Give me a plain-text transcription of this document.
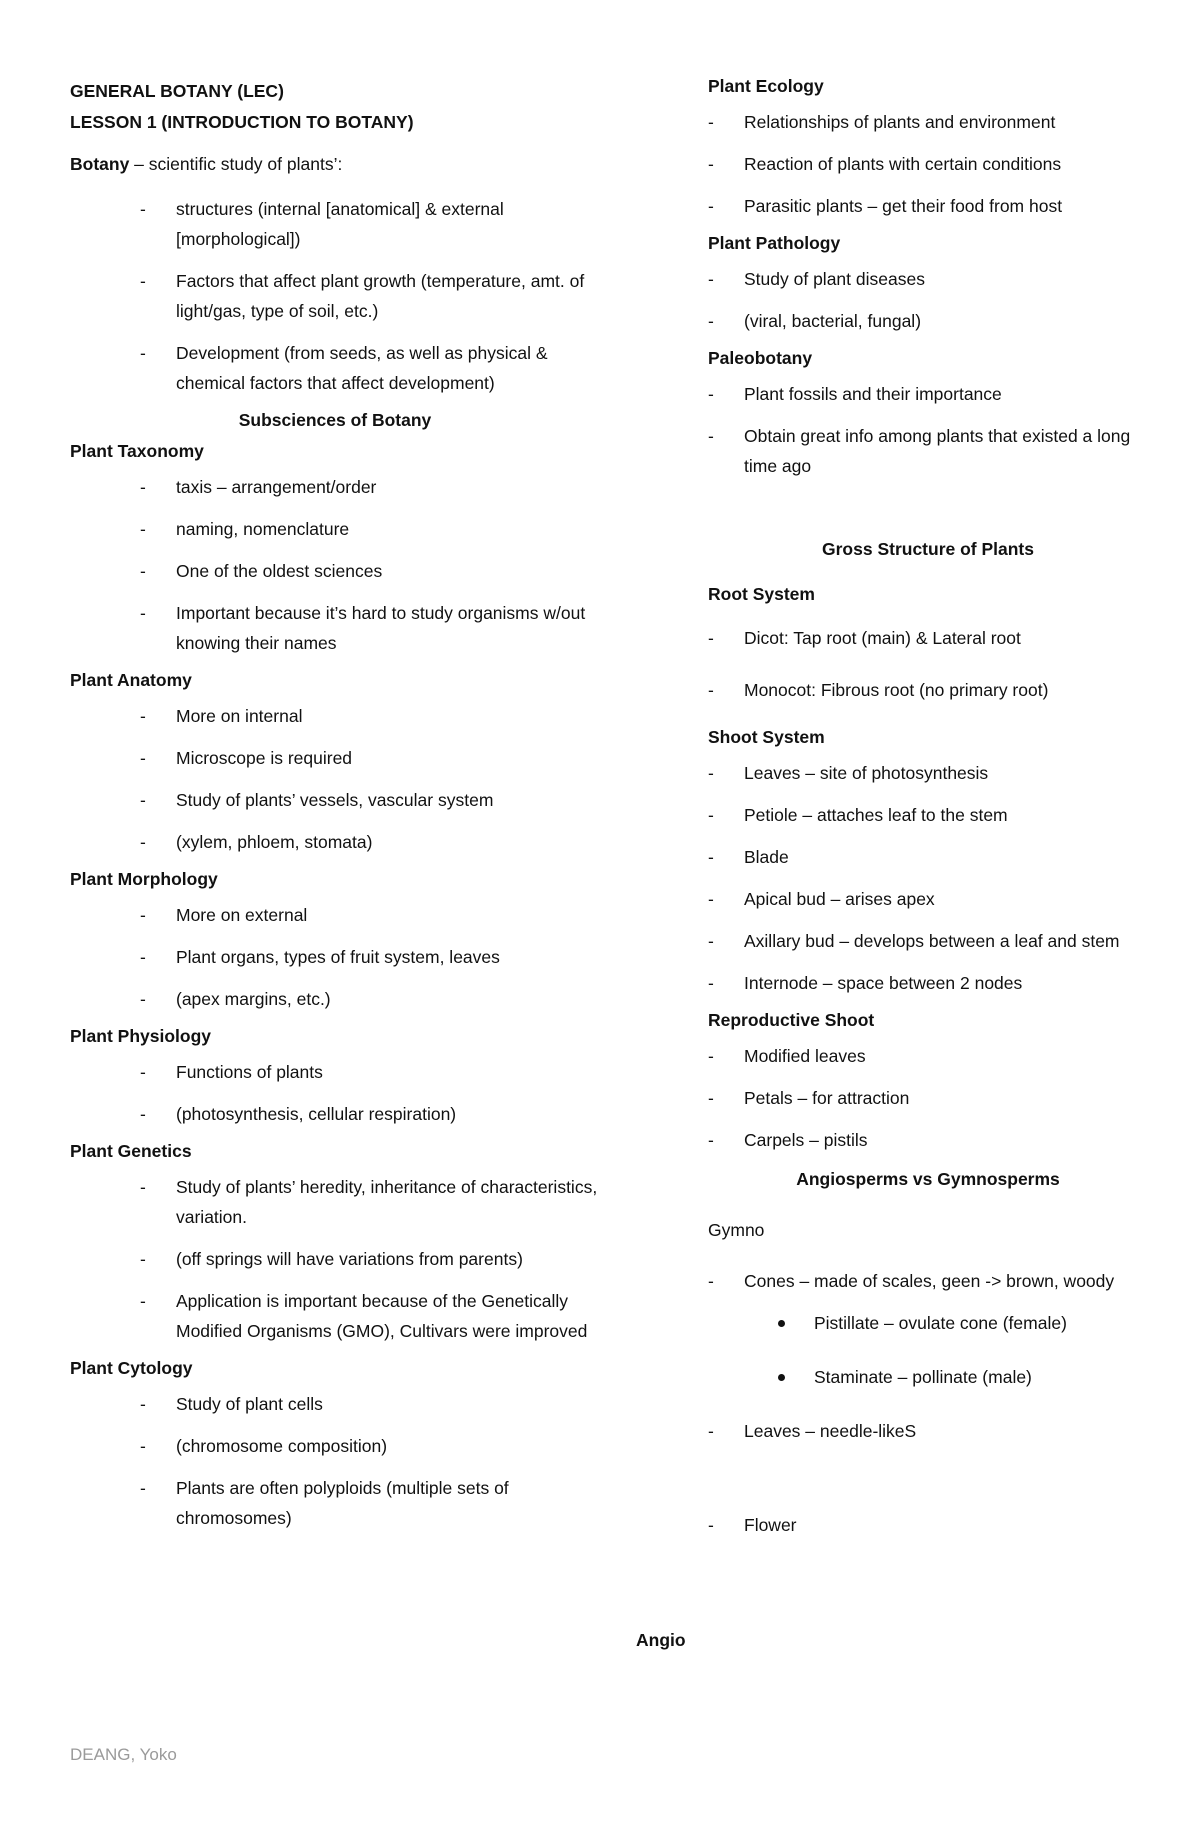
GENERAL BOTANY (LEC)
LESSON 1 (INTRODUCTION TO BOTANY)
Botany – scientific study of plants’:
- structures (internal [anatomical] & external [morphological])
- Factors that affect plant growth (temperature, amt. of light/gas, type of soil, etc.)
- Development (from seeds, as well as physical & chemical factors that affect development)
Subsciences of Botany
Plant Taxonomy
- taxis – arrangement/order
- naming, nomenclature
- One of the oldest sciences
- Important because it’s hard to study organisms w/out knowing their names
Plant Anatomy
- More on internal
- Microscope is required
- Study of plants’ vessels, vascular system
- (xylem, phloem, stomata)
Plant Morphology
- More on external
- Plant organs, types of fruit system, leaves
- (apex margins, etc.)
Plant Physiology
- Functions of plants
- (photosynthesis, cellular respiration)
Plant Genetics
- Study of plants’ heredity, inheritance of characteristics, variation.
- (off springs will have variations from parents)
- Application is important because of the Genetically Modified Organisms (GMO), Cultivars were improved
Plant Cytology
- Study of plant cells
- (chromosome composition)
- Plants are often polyploids (multiple sets of chromosomes)
Plant Ecology
- Relationships of plants and environment
- Reaction of plants with certain conditions
- Parasitic plants – get their food from host
Plant Pathology
- Study of plant diseases
- (viral, bacterial, fungal)
Paleobotany
- Plant fossils and their importance
- Obtain great info among plants that existed a long time ago
Gross Structure of Plants
Root System
- Dicot: Tap root (main) & Lateral root
- Monocot: Fibrous root (no primary root)
Shoot System
- Leaves – site of photosynthesis
- Petiole – attaches leaf to the stem
- Blade
- Apical bud – arises apex
- Axillary bud – develops between a leaf and stem
- Internode – space between 2 nodes
Reproductive Shoot
- Modified leaves
- Petals – for attraction
- Carpels – pistils
Angiosperms vs Gymnosperms
Gymno
- Cones – made of scales, geen -> brown, woody
Pistillate – ovulate cone (female)
Staminate – pollinate (male)
- Leaves – needle-likeS
- Flower
Angio
DEANG, Yoko
